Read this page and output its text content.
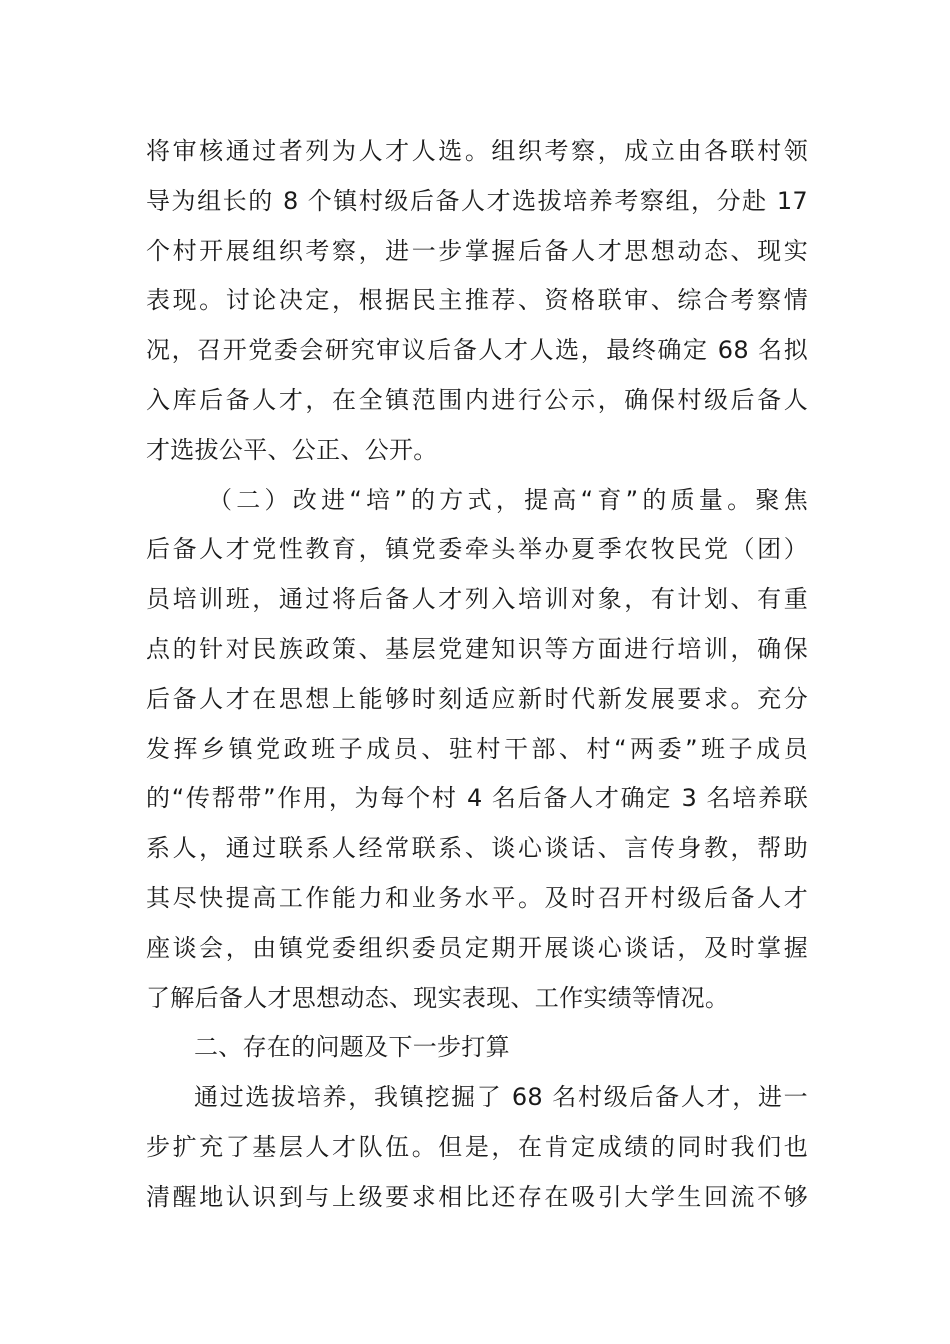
将审核通过者列为人才人选。组织考察，成立由各联村领
导为组长的 8 个镇村级后备人才选拔培养考察组，分赴 17
个村开展组织考察，进一步掌握后备人才思想动态、现实
表现。讨论决定，根据民主推荐、资格联审、综合考察情
况，召开党委会研究审议后备人才人选，最终确定 68 名拟
入库后备人才，在全镇范围内进行公示，确保村级后备人
才选拔公平、公正、公开。
（二）改进“培”的方式，提高“育”的质量。聚焦
后备人才党性教育，镇党委牵头举办夏季农牧民党（团）
员培训班，通过将后备人才列入培训对象，有计划、有重
点的针对民族政策、基层党建知识等方面进行培训，确保
后备人才在思想上能够时刻适应新时代新发展要求。充分
发挥乡镇党政班子成员、驻村干部、村“两委”班子成员
的“传帮带”作用，为每个村 4 名后备人才确定 3 名培养联
系人，通过联系人经常联系、谈心谈话、言传身教，帮助
其尽快提高工作能力和业务水平。及时召开村级后备人才
座谈会，由镇党委组织委员定期开展谈心谈话，及时掌握
了解后备人才思想动态、现实表现、工作实绩等情况。
二、存在的问题及下一步打算
通过选拔培养，我镇挖掘了 68 名村级后备人才，进一
步扩充了基层人才队伍。但是，在肯定成绩的同时我们也
清醒地认识到与上级要求相比还存在吸引大学生回流不够
